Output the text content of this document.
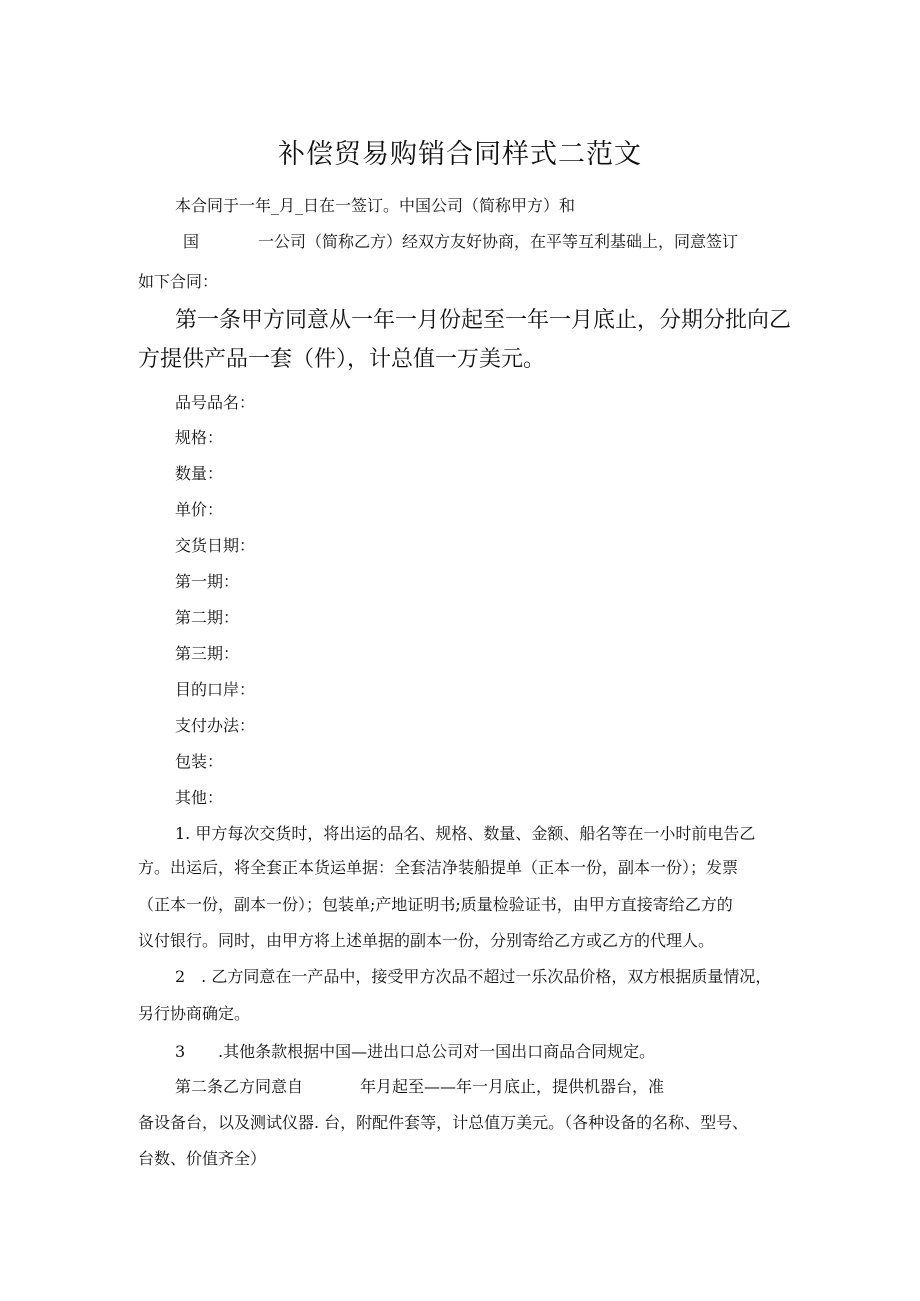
补偿贸易购销合同样式二范文
本合同于一年_月_日在一签订。中国公司（简称甲方）和
国	一公司（简称乙方）经双方友好协商，在平等互利基础上，同意签订
如下合同：
第一条甲方同意从一年一月份起至一年一月底止，分期分批向乙
方提供产品一套（件），计总值一万美元。
品号品名：
规格：
数量：
单价：
交货日期：
第一期：
第二期：
第三期：
目的口岸：
支付办法：
包装：
其他：
1. 甲方每次交货时，将出运的品名、规格、数量、金额、船名等在一小时前电告乙
方。出运后，将全套正本货运单据：全套洁净装船提单（正本一份，副本一份）；发票
（正本一份，副本一份）；包装单;产地证明书;质量检验证书，由甲方直接寄给乙方的
议付银行。同时，由甲方将上述单据的副本一份，分别寄给乙方或乙方的代理人。
2　. 乙方同意在一产品中，接受甲方次品不超过一乐次品价格，双方根据质量情况，
另行协商确定。
3 .其他条款根据中国—进出口总公司对一国出口商品合同规定。
第二条乙方同意自	年月起至——年一月底止，提供机器台，准
备设备台，以及测试仪器. 台，附配件套等，计总值万美元。（各种设备的名称、型号、
台数、价值齐全）
